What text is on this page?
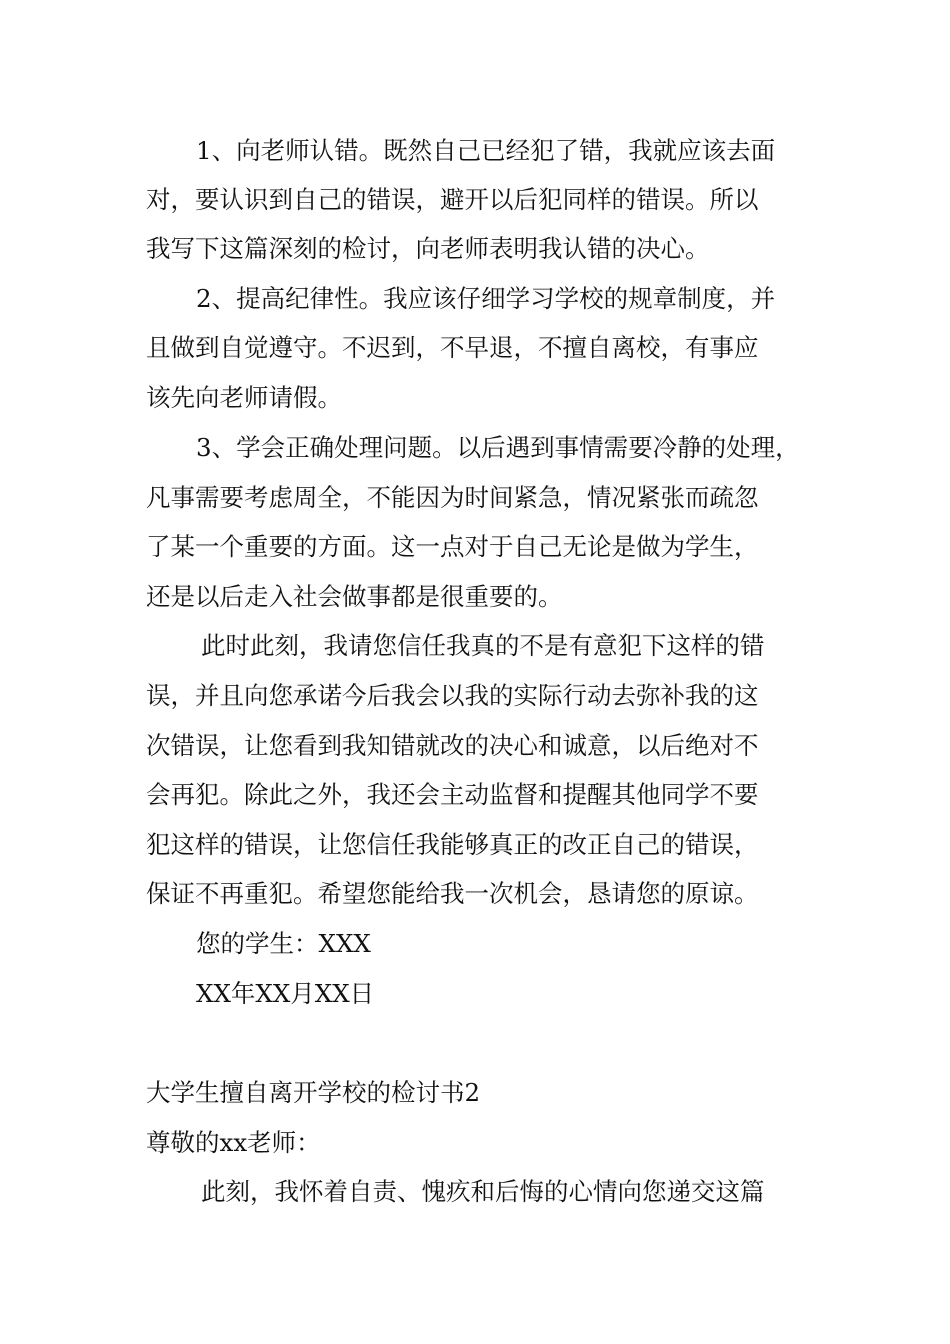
1、向老师认错。既然自己已经犯了错，我就应该去面
对，要认识到自己的错误，避开以后犯同样的错误。所以
我写下这篇深刻的检讨，向老师表明我认错的决心。
2、提高纪律性。我应该仔细学习学校的规章制度，并
且做到自觉遵守。不迟到，不早退，不擅自离校，有事应
该先向老师请假。
3、学会正确处理问题。以后遇到事情需要冷静的处理，
凡事需要考虑周全，不能因为时间紧急，情况紧张而疏忽
了某一个重要的方面。这一点对于自己无论是做为学生，
还是以后走入社会做事都是很重要的。
此时此刻，我请您信任我真的不是有意犯下这样的错
误，并且向您承诺今后我会以我的实际行动去弥补我的这
次错误，让您看到我知错就改的决心和诚意，以后绝对不
会再犯。除此之外，我还会主动监督和提醒其他同学不要
犯这样的错误，让您信任我能够真正的改正自己的错误，
保证不再重犯。希望您能给我一次机会，恳请您的原谅。
您的学生：XXX
XX年XX月XX日
大学生擅自离开学校的检讨书2
尊敬的xx老师：
此刻，我怀着自责、愧疚和后悔的心情向您递交这篇
